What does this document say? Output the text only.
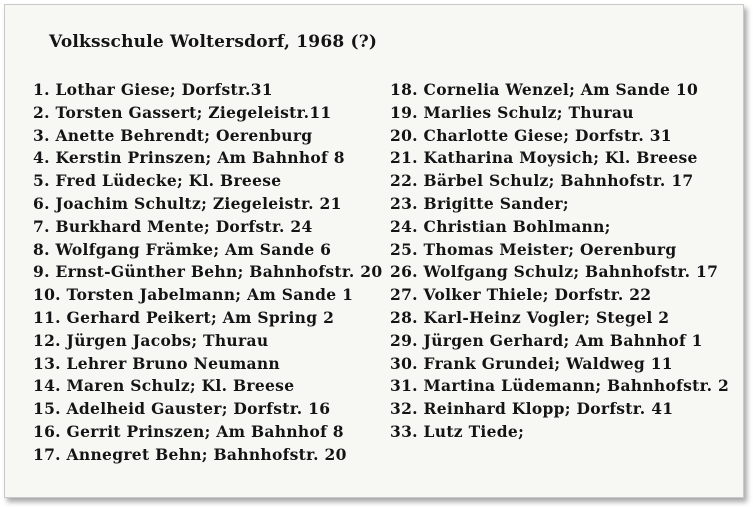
Volksschule Woltersdorf, 1968 (?)
1. Lothar Giese; Dorfstr.31
2. Torsten Gassert; Ziegeleistr.11
3. Anette Behrendt; Oerenburg
4. Kerstin Prinszen; Am Bahnhof 8
5. Fred Lüdecke; Kl. Breese
6. Joachim Schultz; Ziegeleistr. 21
7. Burkhard Mente; Dorfstr. 24
8. Wolfgang Främke; Am Sande 6
9. Ernst-Günther Behn; Bahnhofstr. 20
10. Torsten Jabelmann; Am Sande 1
11. Gerhard Peikert; Am Spring 2
12. Jürgen Jacobs; Thurau
13. Lehrer Bruno Neumann
14. Maren Schulz; Kl. Breese
15. Adelheid Gauster; Dorfstr. 16
16. Gerrit Prinszen; Am Bahnhof 8
17. Annegret Behn; Bahnhofstr. 20
18. Cornelia Wenzel; Am Sande 10
19. Marlies Schulz; Thurau
20. Charlotte Giese; Dorfstr. 31
21. Katharina Moysich; Kl. Breese
22. Bärbel Schulz; Bahnhofstr. 17
23. Brigitte Sander;
24. Christian Bohlmann;
25. Thomas Meister; Oerenburg
26. Wolfgang Schulz; Bahnhofstr. 17
27. Volker Thiele; Dorfstr. 22
28. Karl-Heinz Vogler; Stegel 2
29. Jürgen Gerhard; Am Bahnhof 1
30. Frank Grundei; Waldweg 11
31. Martina Lüdemann; Bahnhofstr. 2
32. Reinhard Klopp; Dorfstr. 41
33. Lutz Tiede;
